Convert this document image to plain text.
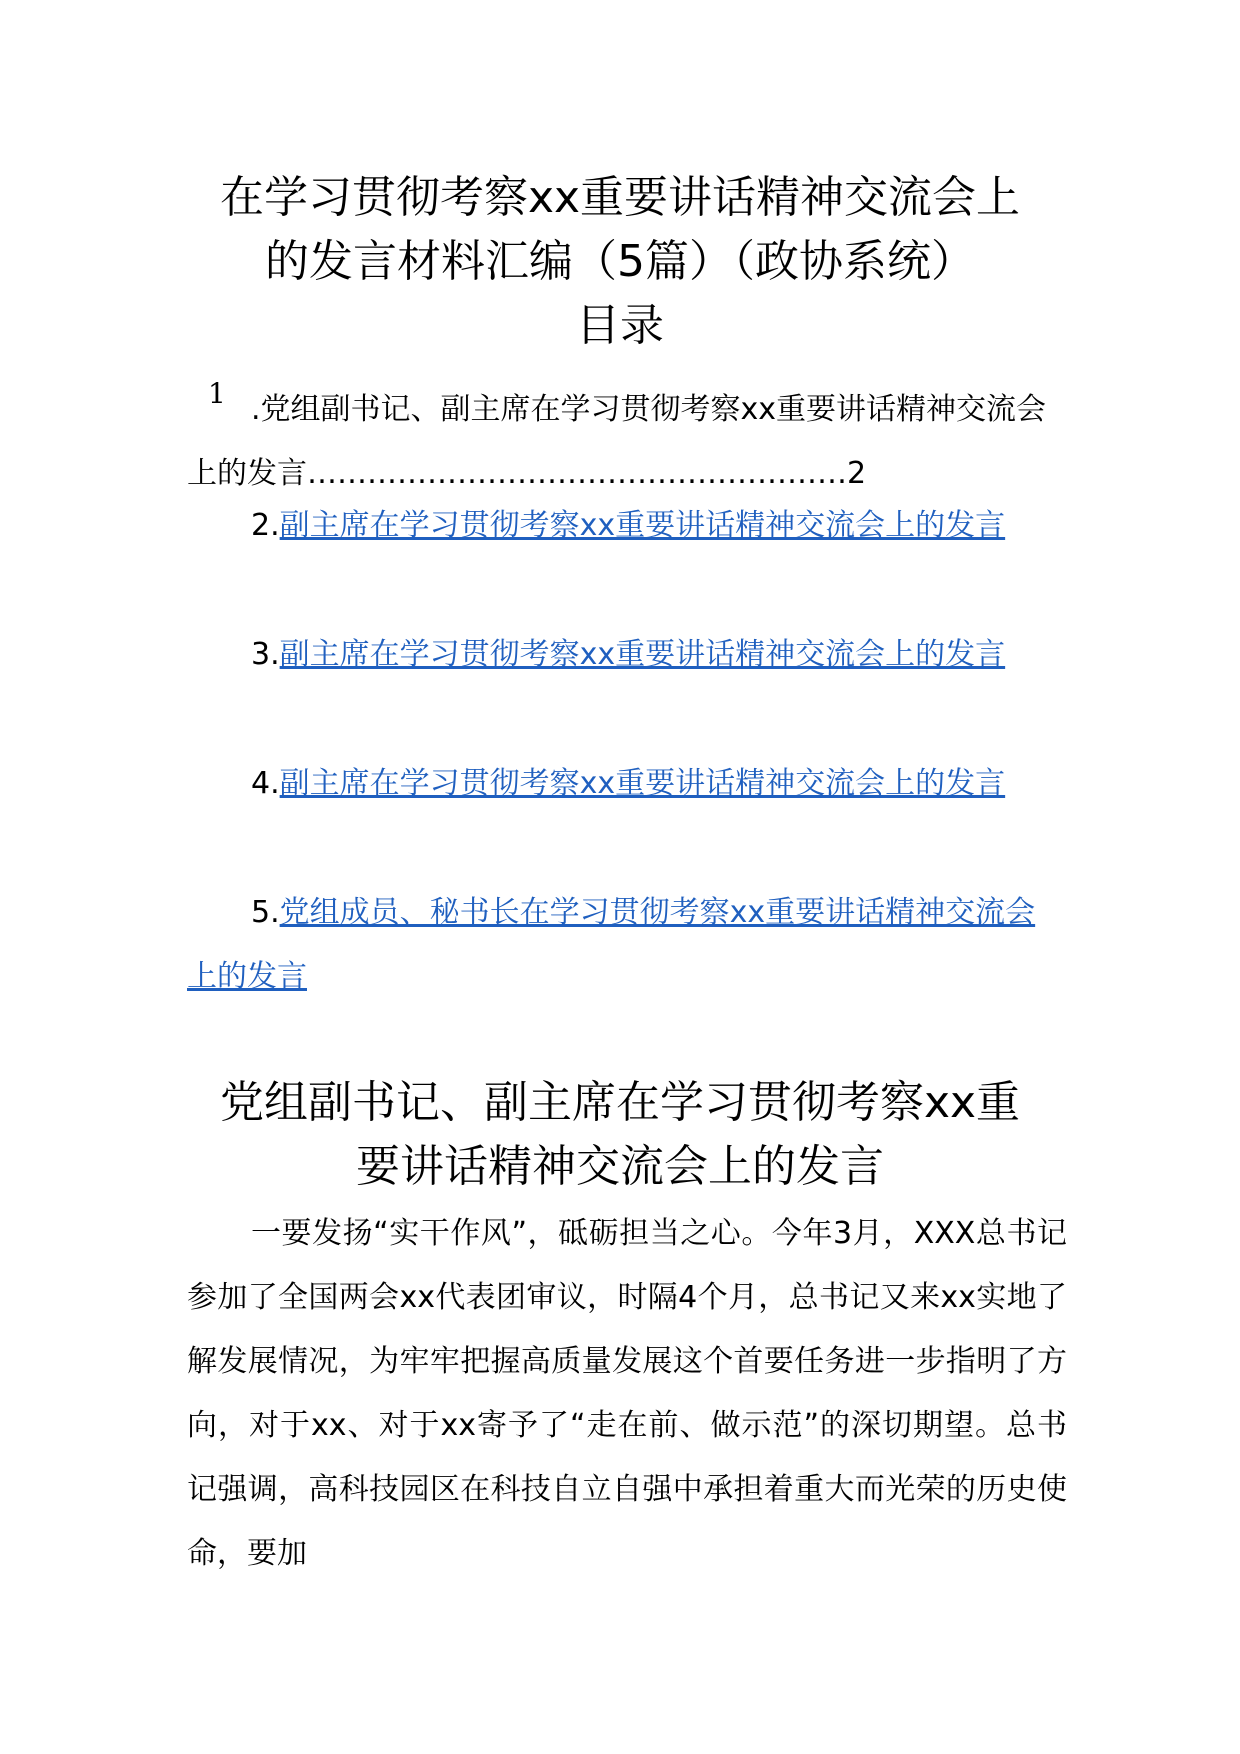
在学习贯彻考察xx重要讲话精神交流会上
的发言材料汇编（5篇）（政协系统）
目录
1 .党组副书记、副主席在学习贯彻考察xx重要讲话精神交流会上的发言………………………………………………2

2.副主席在学习贯彻考察xx重要讲话精神交流会上的发言

3.副主席在学习贯彻考察xx重要讲话精神交流会上的发言

4.副主席在学习贯彻考察xx重要讲话精神交流会上的发言

5.党组成员、秘书长在学习贯彻考察xx重要讲话精神交流会上的发言

党组副书记、副主席在学习贯彻考察xx重
要讲话精神交流会上的发言

一要发扬“实干作风”，砥砺担当之心。今年3月，XXX总书记参加了全国两会xx代表团审议，时隔4个月，总书记又来xx实地了解发展情况，为牢牢把握高质量发展这个首要任务进一步指明了方向，对于xx、对于xx寄予了“走在前、做示范”的深切期望。总书记强调，高科技园区在科技自立自强中承担着重大而光荣的历史使命，要加
